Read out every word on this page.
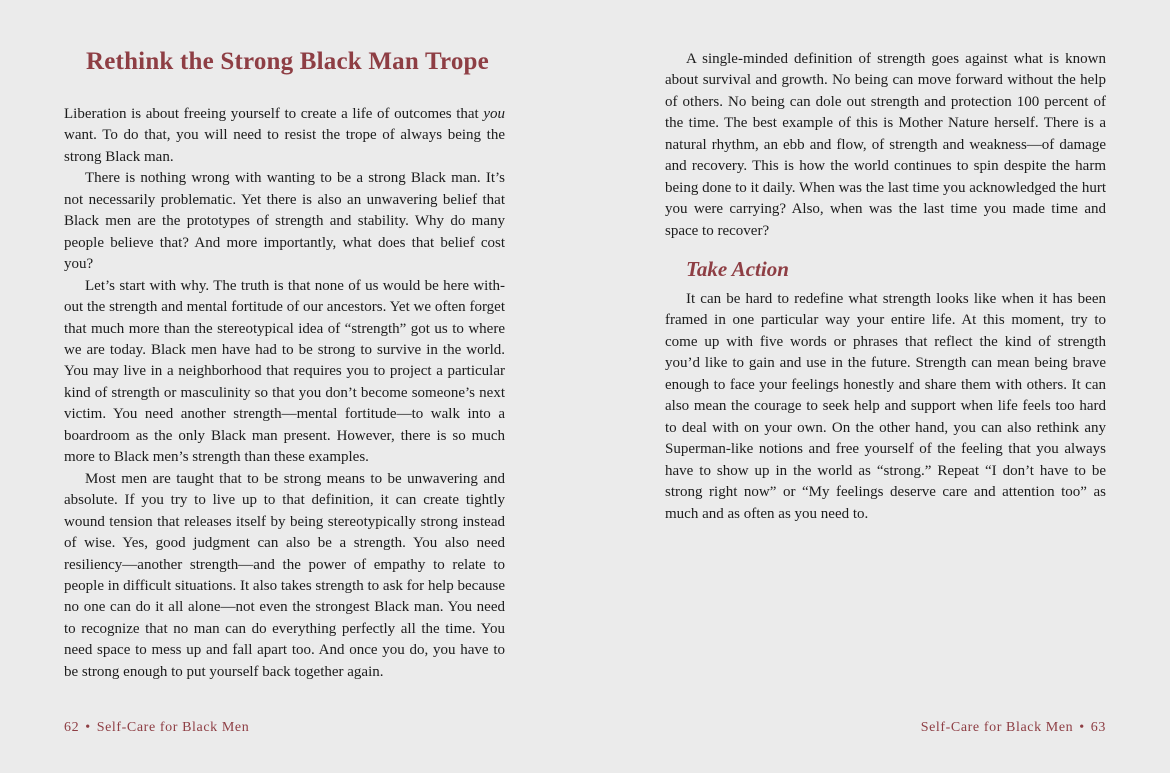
Rethink the Strong Black Man Trope

Liberation is about freeing yourself to create a life of outcomes that you want. To do that, you will need to resist the trope of always being the strong Black man.

There is nothing wrong with wanting to be a strong Black man. It’s not necessarily problematic. Yet there is also an unwavering belief that Black men are the prototypes of strength and stability. Why do many people believe that? And more importantly, what does that belief cost you?

Let’s start with why. The truth is that none of us would be here without the strength and mental fortitude of our ancestors. Yet we often forget that much more than the stereotypical idea of “strength” got us to where we are today. Black men have had to be strong to survive in the world. You may live in a neighborhood that requires you to project a particular kind of strength or masculinity so that you don’t become someone’s next victim. You need another strength—mental fortitude—to walk into a boardroom as the only Black man present. However, there is so much more to Black men’s strength than these examples.

Most men are taught that to be strong means to be unwavering and absolute. If you try to live up to that definition, it can create tightly wound tension that releases itself by being stereotypically strong instead of wise. Yes, good judgment can also be a strength. You also need resiliency—another strength—and the power of empathy to relate to people in difficult situations. It also takes strength to ask for help because no one can do it all alone—not even the strongest Black man. You need to recognize that no man can do everything perfectly all the time. You need space to mess up and fall apart too. And once you do, you have to be strong enough to put yourself back together again.

62 • Self-Care for Black Men

A single-minded definition of strength goes against what is known about survival and growth. No being can move forward without the help of others. No being can dole out strength and protection 100 percent of the time. The best example of this is Mother Nature herself. There is a natural rhythm, an ebb and flow, of strength and weakness—of damage and recovery. This is how the world continues to spin despite the harm being done to it daily. When was the last time you acknowledged the hurt you were carrying? Also, when was the last time you made time and space to recover?

Take Action

It can be hard to redefine what strength looks like when it has been framed in one particular way your entire life. At this moment, try to come up with five words or phrases that reflect the kind of strength you’d like to gain and use in the future. Strength can mean being brave enough to face your feelings honestly and share them with others. It can also mean the courage to seek help and support when life feels too hard to deal with on your own. On the other hand, you can also rethink any Superman-like notions and free yourself of the feeling that you always have to show up in the world as “strong.” Repeat “I don’t have to be strong right now” or “My feelings deserve care and attention too” as much and as often as you need to.

Self-Care for Black Men • 63
